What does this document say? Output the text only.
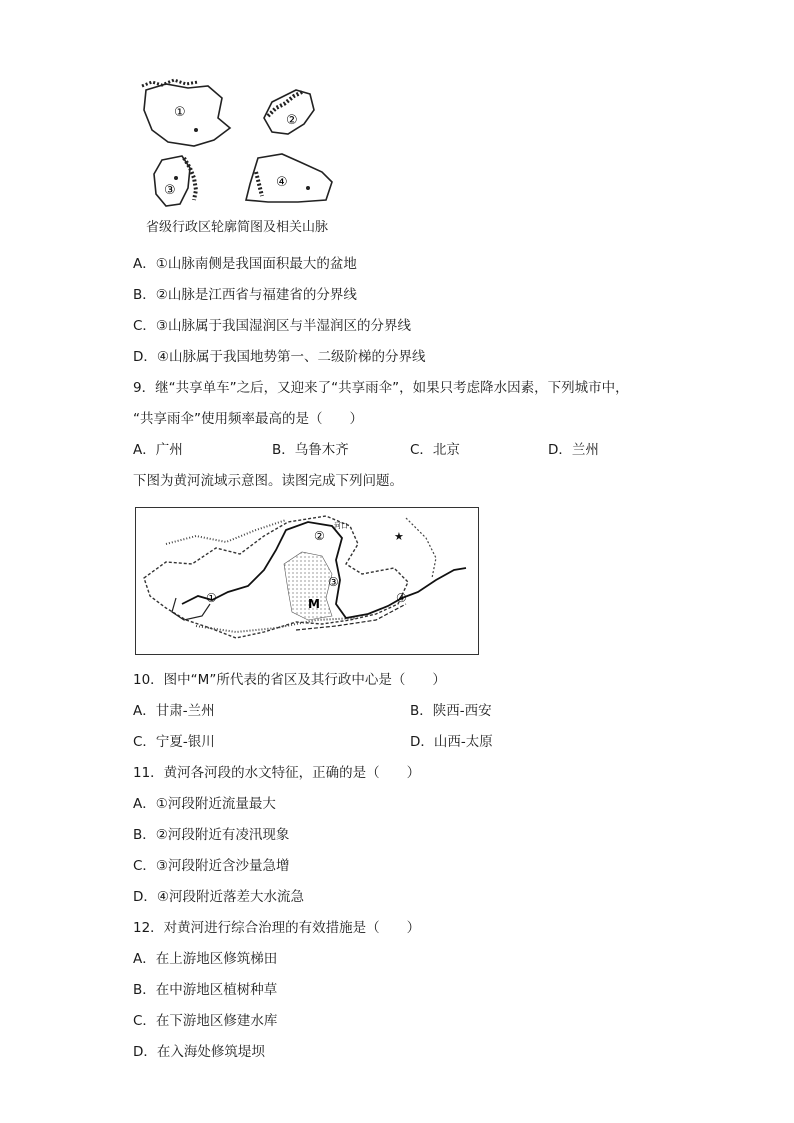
①
②
③
④
省级行政区轮廓简图及相关山脉
A．①山脉南侧是我国面积最大的盆地
B．②山脉是江西省与福建省的分界线
C．③山脉属于我国湿润区与半湿润区的分界线
D．④山脉属于我国地势第一、二级阶梯的分界线
9．继“共享单车”之后，又迎来了“共享雨伞”，如果只考虑降水因素，下列城市中，
“共享雨伞”使用频率最高的是（　　）
A．广州	B．乌鲁木齐	C．北京	D．兰州
下图为黄河流域示意图。读图完成下列问题。
★
①
②
③
④
M
河口
10．图中“M”所代表的省区及其行政中心是（　　）
A．甘肃-兰州	B．陕西-西安
C．宁夏-银川	D．山西-太原
11．黄河各河段的水文特征，正确的是（　　）
A．①河段附近流量最大
B．②河段附近有凌汛现象
C．③河段附近含沙量急增
D．④河段附近落差大水流急
12．对黄河进行综合治理的有效措施是（　　）
A．在上游地区修筑梯田
B．在中游地区植树种草
C．在下游地区修建水库
D．在入海处修筑堤坝
